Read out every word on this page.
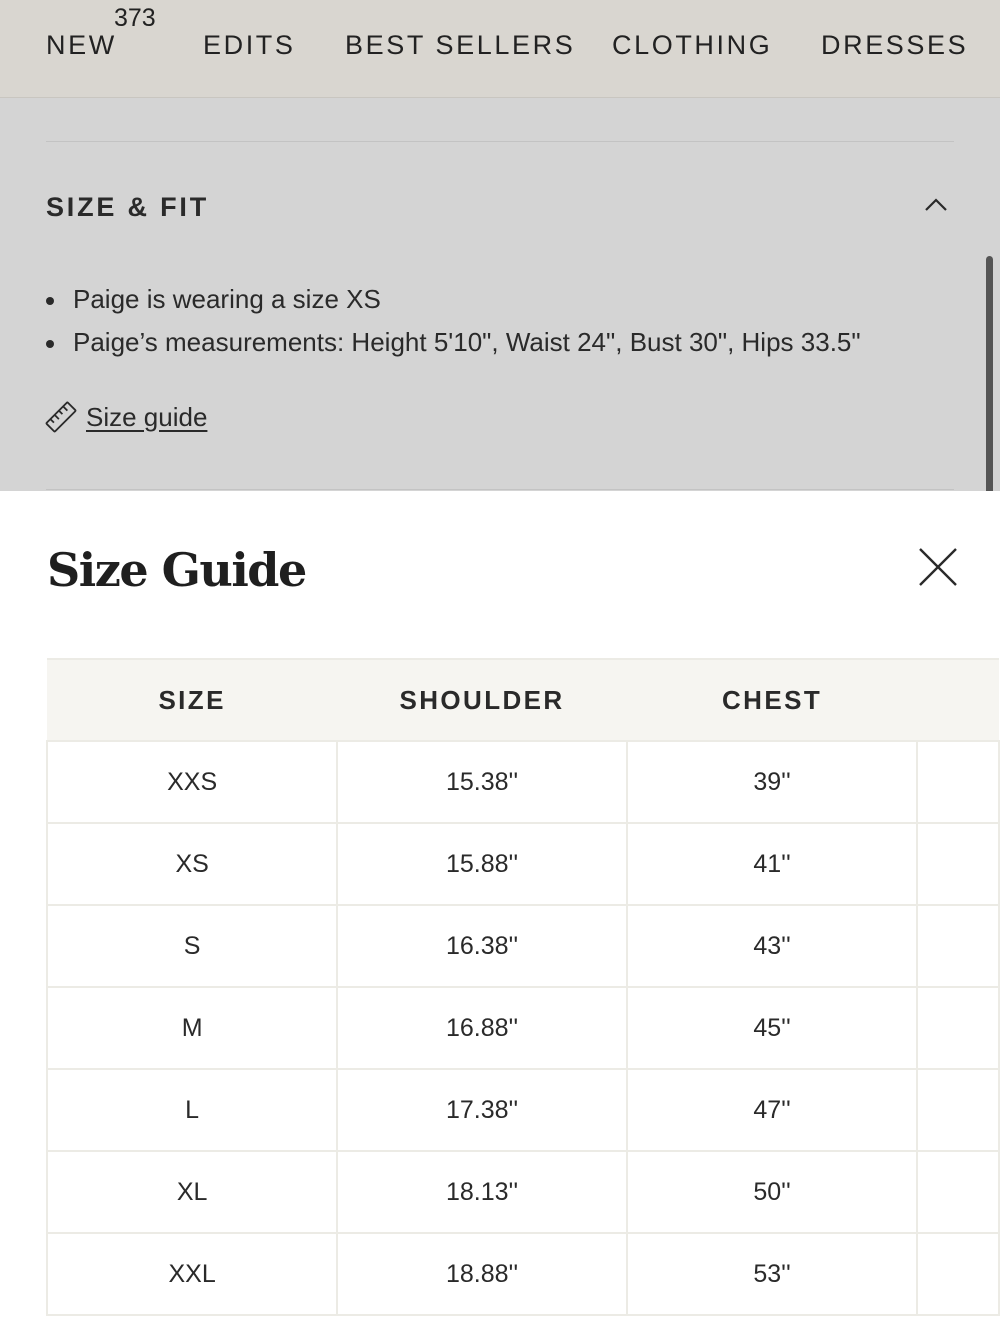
373
NEW	EDITS BEST SELLERS CLOTHING DRESSES
SIZE & FIT
Paige is wearing a size XS
Paige’s measurements: Height 5'10", Waist 24", Bust 30", Hips 33.5"
Size guide
Size Guide
SIZE	SHOULDER	CHEST	
XXS	15.38''	39''	
XS	15.88''	41''	
S	16.38''	43''	
M	16.88''	45''	
L	17.38''	47''	
XL	18.13''	50''	
XXL	18.88''	53''	
